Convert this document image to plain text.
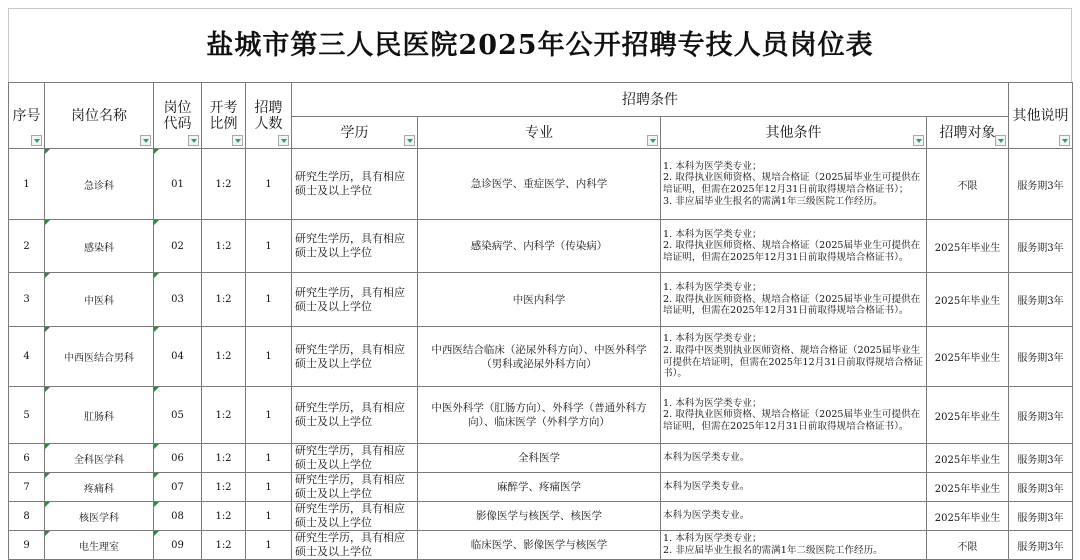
盐城市第三人民医院2025年公开招聘专技人员岗位表
序号	岗位名称	岗位代码	开考比例	招聘人数	招聘条件				其他说明

					学历	专业	其他条件	招聘对象	

1	急诊科	01	1:2	1	研究生学历，具有相应硕士及以上学位	急诊医学、重症医学、内科学	1. 本科为医学类专业；
2. 取得执业医师资格、规培合格证（2025届毕业生可提供在培证明，但需在2025年12月31日前取得规培合格证书）；
3. 非应届毕业生报名的需满1年三级医院工作经历。	不限	服务期3年
2	感染科	02	1:2	1	研究生学历，具有相应硕士及以上学位	感染病学、内科学（传染病）	1. 本科为医学类专业；
2. 取得执业医师资格、规培合格证（2025届毕业生可提供在培证明，但需在2025年12月31日前取得规培合格证书）。	2025年毕业生	服务期3年
3	中医科	03	1:2	1	研究生学历，具有相应硕士及以上学位	中医内科学	1. 本科为医学类专业；
2. 取得执业医师资格、规培合格证（2025届毕业生可提供在培证明，但需在2025年12月31日前取得规培合格证书）。	2025年毕业生	服务期3年
4	中西医结合男科	04	1:2	1	研究生学历，具有相应硕士及以上学位	中西医结合临床（泌尿外科方向）、中医外科学（男科或泌尿外科方向）	1. 本科为医学类专业；
2. 取得中医类别执业医师资格、规培合格证（2025届毕业生可提供在培证明，但需在2025年12月31日前取得规培合格证书）。	2025年毕业生	服务期3年
5	肛肠科	05	1:2	1	研究生学历，具有相应硕士及以上学位	中医外科学（肛肠方向）、外科学（普通外科方向）、临床医学（外科学方向）	1. 本科为医学类专业；
2. 取得执业医师资格、规培合格证（2025届毕业生可提供在培证明，但需在2025年12月31日前取得规培合格证书）。	2025年毕业生	服务期3年
6	全科医学科	06	1:2	1	研究生学历，具有相应硕士及以上学位	全科医学	本科为医学类专业。	2025年毕业生	服务期3年
7	疼痛科	07	1:2	1	研究生学历，具有相应硕士及以上学位	麻醉学、疼痛医学	本科为医学类专业。	2025年毕业生	服务期3年
8	核医学科	08	1:2	1	研究生学历，具有相应硕士及以上学位	影像医学与核医学、核医学	本科为医学类专业。	2025年毕业生	服务期3年
9	电生理室	09	1:2	1	研究生学历，具有相应硕士及以上学位	临床医学、影像医学与核医学	1. 本科为医学类专业；
2. 非应届毕业生报名的需满1年二级医院工作经历。	不限	服务期3年
